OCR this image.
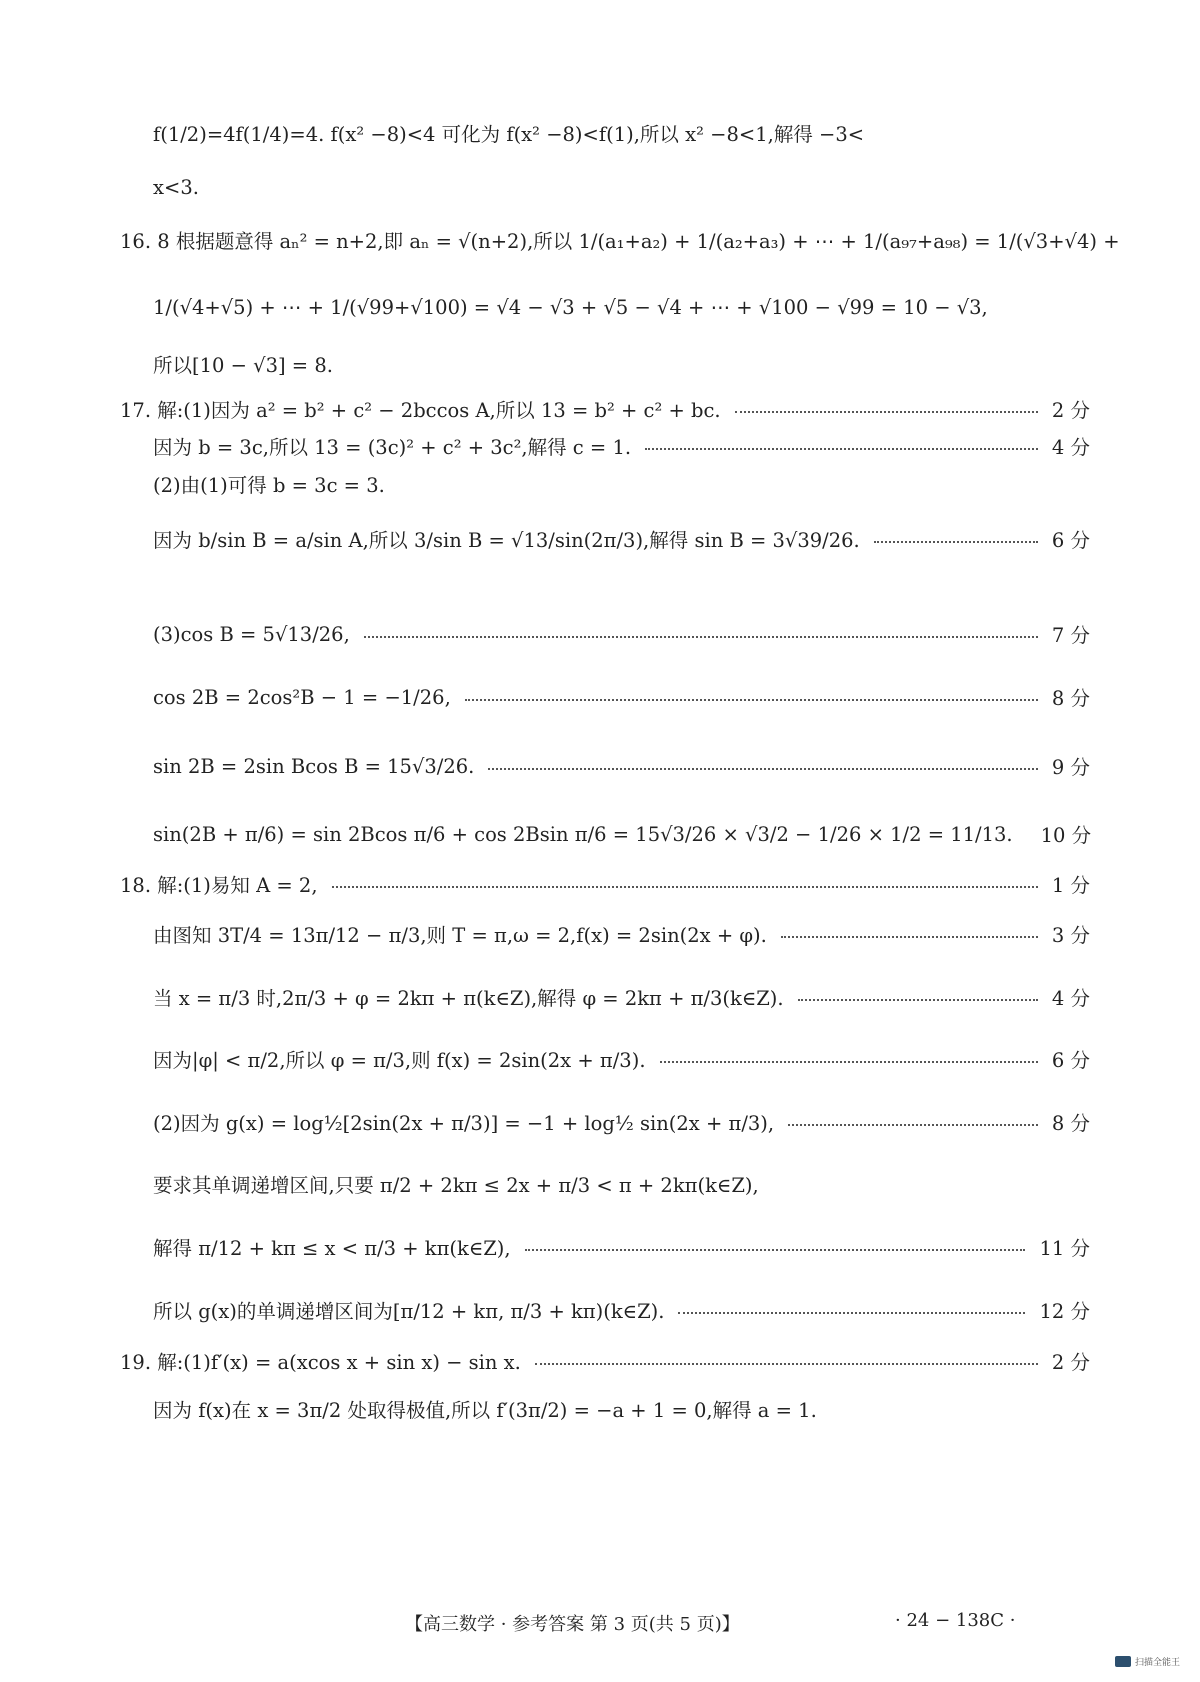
f(1/2)=4f(1/4)=4. f(x² −8)<4 可化为 f(x² −8)<f(1),所以 x² −8<1,解得 −3<
x<3.
16. 8 根据题意得 aₙ² = n+2,即 aₙ = √(n+2),所以 1/(a₁+a₂) + 1/(a₂+a₃) + ⋯ + 1/(a₉₇+a₉₈) = 1/(√3+√4) +
1/(√4+√5) + ⋯ + 1/(√99+√100) = √4 − √3 + √5 − √4 + ⋯ + √100 − √99 = 10 − √3,
所以[10 − √3] = 8.
17. 解:(1)因为 a² = b² + c² − 2bccos A,所以 13 = b² + c² + bc.	2 分
因为 b = 3c,所以 13 = (3c)² + c² + 3c²,解得 c = 1.	4 分
(2)由(1)可得 b = 3c = 3.
因为 b/sin B = a/sin A,所以 3/sin B = √13/sin(2π/3),解得 sin B = 3√39/26.	6 分
(3)cos B = 5√13/26,	7 分
cos 2B = 2cos²B − 1 = −1/26,	8 分
sin 2B = 2sin Bcos B = 15√3/26.	9 分
sin(2B + π/6) = sin 2Bcos π/6 + cos 2Bsin π/6 = 15√3/26 × √3/2 − 1/26 × 1/2 = 11/13. 10 分
18. 解:(1)易知 A = 2,	1 分
由图知 3T/4 = 13π/12 − π/3,则 T = π,ω = 2,f(x) = 2sin(2x + φ).	3 分
当 x = π/3 时,2π/3 + φ = 2kπ + π(k∈Z),解得 φ = 2kπ + π/3(k∈Z).	4 分
因为|φ| < π/2,所以 φ = π/3,则 f(x) = 2sin(2x + π/3).	6 分
(2)因为 g(x) = log½[2sin(2x + π/3)] = −1 + log½ sin(2x + π/3),	8 分
要求其单调递增区间,只要 π/2 + 2kπ ≤ 2x + π/3 < π + 2kπ(k∈Z),
解得 π/12 + kπ ≤ x < π/3 + kπ(k∈Z),	11 分
所以 g(x)的单调递增区间为[π/12 + kπ, π/3 + kπ)(k∈Z).	12 分
19. 解:(1)f′(x) = a(xcos x + sin x) − sin x.	2 分
因为 f(x)在 x = 3π/2 处取得极值,所以 f′(3π/2) = −a + 1 = 0,解得 a = 1.
【高三数学 · 参考答案 第 3 页(共 5 页)】	· 24 − 138C ·
扫描全能王
